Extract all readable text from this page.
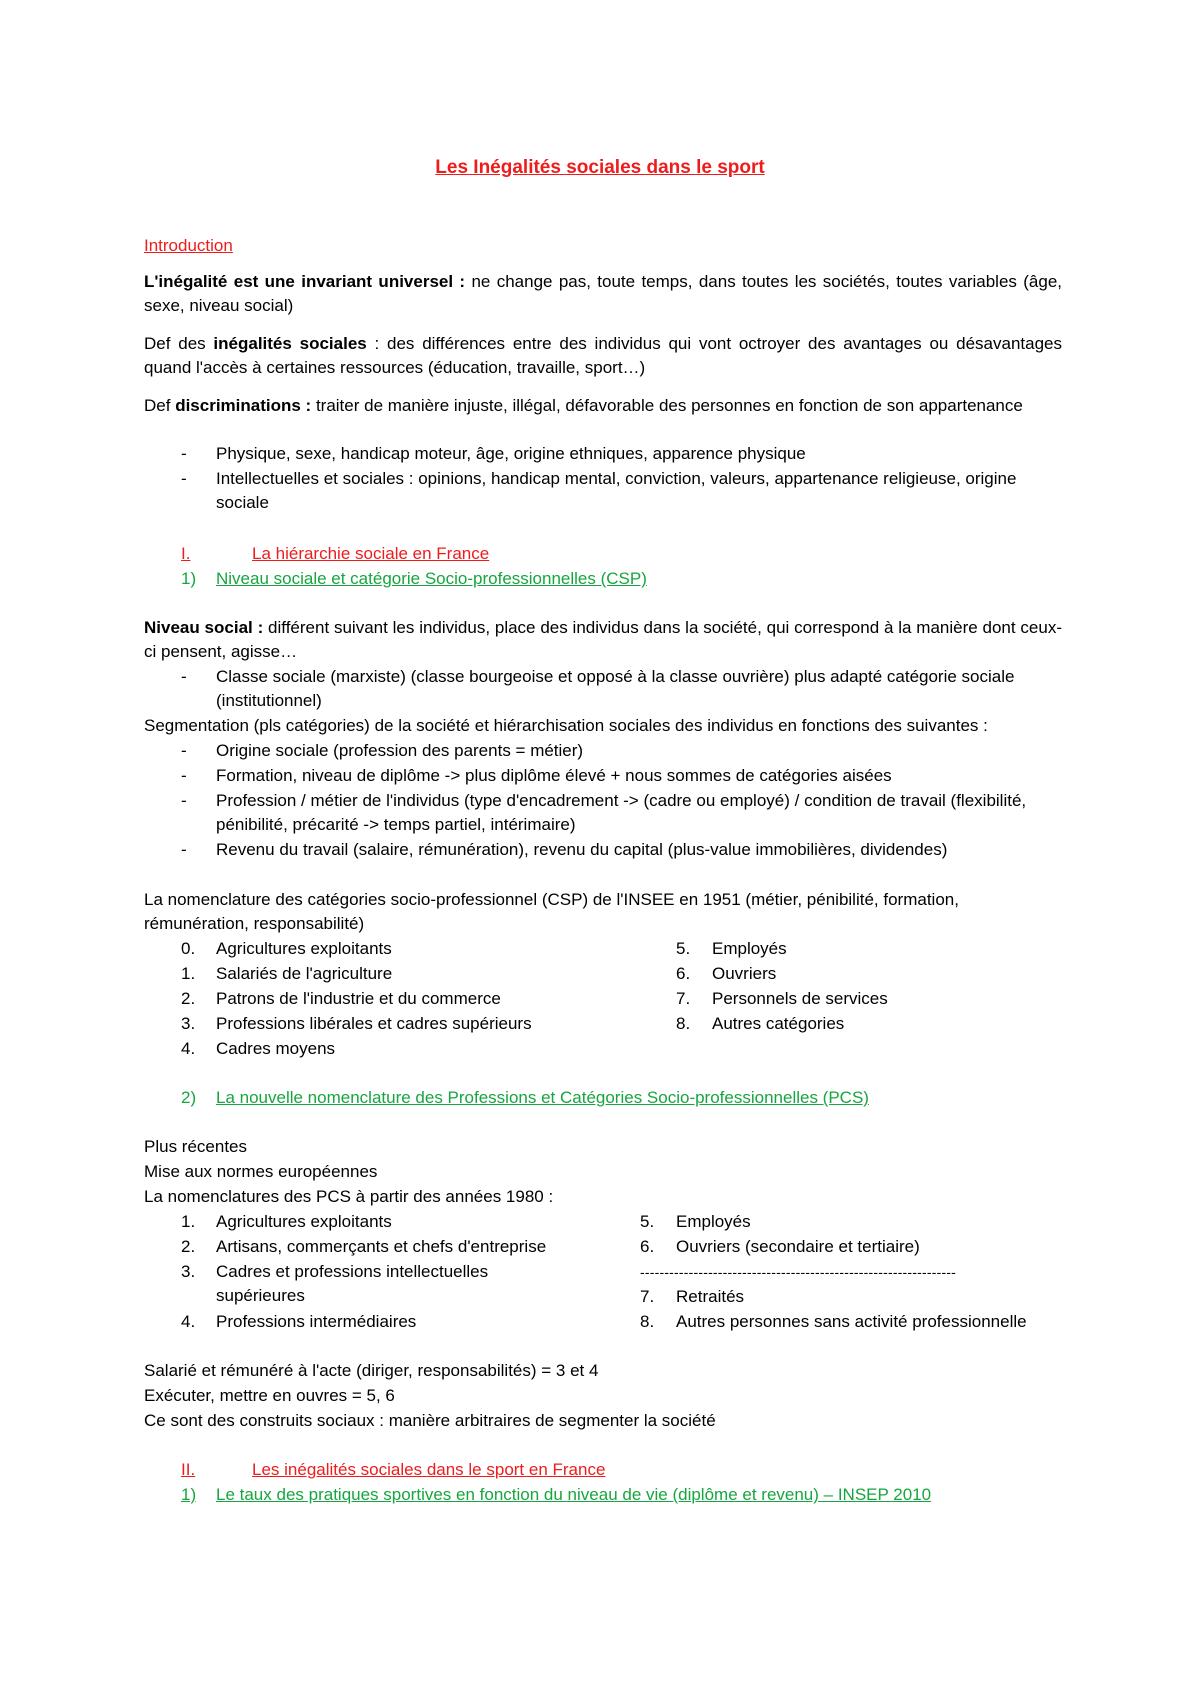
Les Inégalités sociales dans le sport
Introduction
L'inégalité est une invariant universel : ne change pas, toute temps, dans toutes les sociétés, toutes variables (âge, sexe, niveau social)
Def des inégalités sociales : des différences entre des individus qui vont octroyer des avantages ou désavantages quand l'accès à certaines ressources (éducation, travaille, sport…)
Def discriminations : traiter de manière injuste, illégal, défavorable des personnes en fonction de son appartenance
- Physique, sexe, handicap moteur, âge, origine ethniques, apparence physique
- Intellectuelles et sociales : opinions, handicap mental, conviction, valeurs, appartenance religieuse, origine sociale
I.	La hiérarchie sociale en France
1) Niveau sociale et catégorie Socio-professionnelles (CSP)
Niveau social : différent suivant les individus, place des individus dans la société, qui correspond à la manière dont ceux-ci pensent, agisse…
- Classe sociale (marxiste) (classe bourgeoise et opposé à la classe ouvrière) plus adapté catégorie sociale (institutionnel)
Segmentation (pls catégories) de la société et hiérarchisation sociales des individus en fonctions des suivantes :
- Origine sociale (profession des parents = métier)
- Formation, niveau de diplôme -> plus diplôme élevé + nous sommes de catégories aisées
- Profession / métier de l'individus (type d'encadrement -> (cadre ou employé) / condition de travail (flexibilité, pénibilité, précarité -> temps partiel, intérimaire)
- Revenu du travail (salaire, rémunération), revenu du capital (plus-value immobilières, dividendes)
La nomenclature des catégories socio-professionnel (CSP) de l'INSEE en 1951 (métier, pénibilité, formation, rémunération, responsabilité)
0. Agricultures exploitants
1. Salariés de l'agriculture
2. Patrons de l'industrie et du commerce
3. Professions libérales et cadres supérieurs
4. Cadres moyens
5. Employés
6. Ouvriers
7. Personnels de services
8. Autres catégories
2) La nouvelle nomenclature des Professions et Catégories Socio-professionnelles (PCS)
Plus récentes
Mise aux normes européennes
La nomenclatures des PCS à partir des années 1980 :
1. Agricultures exploitants
2. Artisans, commerçants et chefs d'entreprise
3. Cadres et professions intellectuelles supérieures
4. Professions intermédiaires
5. Employés
6. Ouvriers (secondaire et tertiaire)
-----------------------------------------------------------------
7. Retraités
8. Autres personnes sans activité professionnelle
Salarié et rémunéré à l'acte (diriger, responsabilités) = 3 et 4
Exécuter, mettre en ouvres = 5, 6
Ce sont des construits sociaux : manière arbitraires de segmenter la société
II.	Les inégalités sociales dans le sport en France
1) Le taux des pratiques sportives en fonction du niveau de vie (diplôme et revenu) – INSEP 2010
